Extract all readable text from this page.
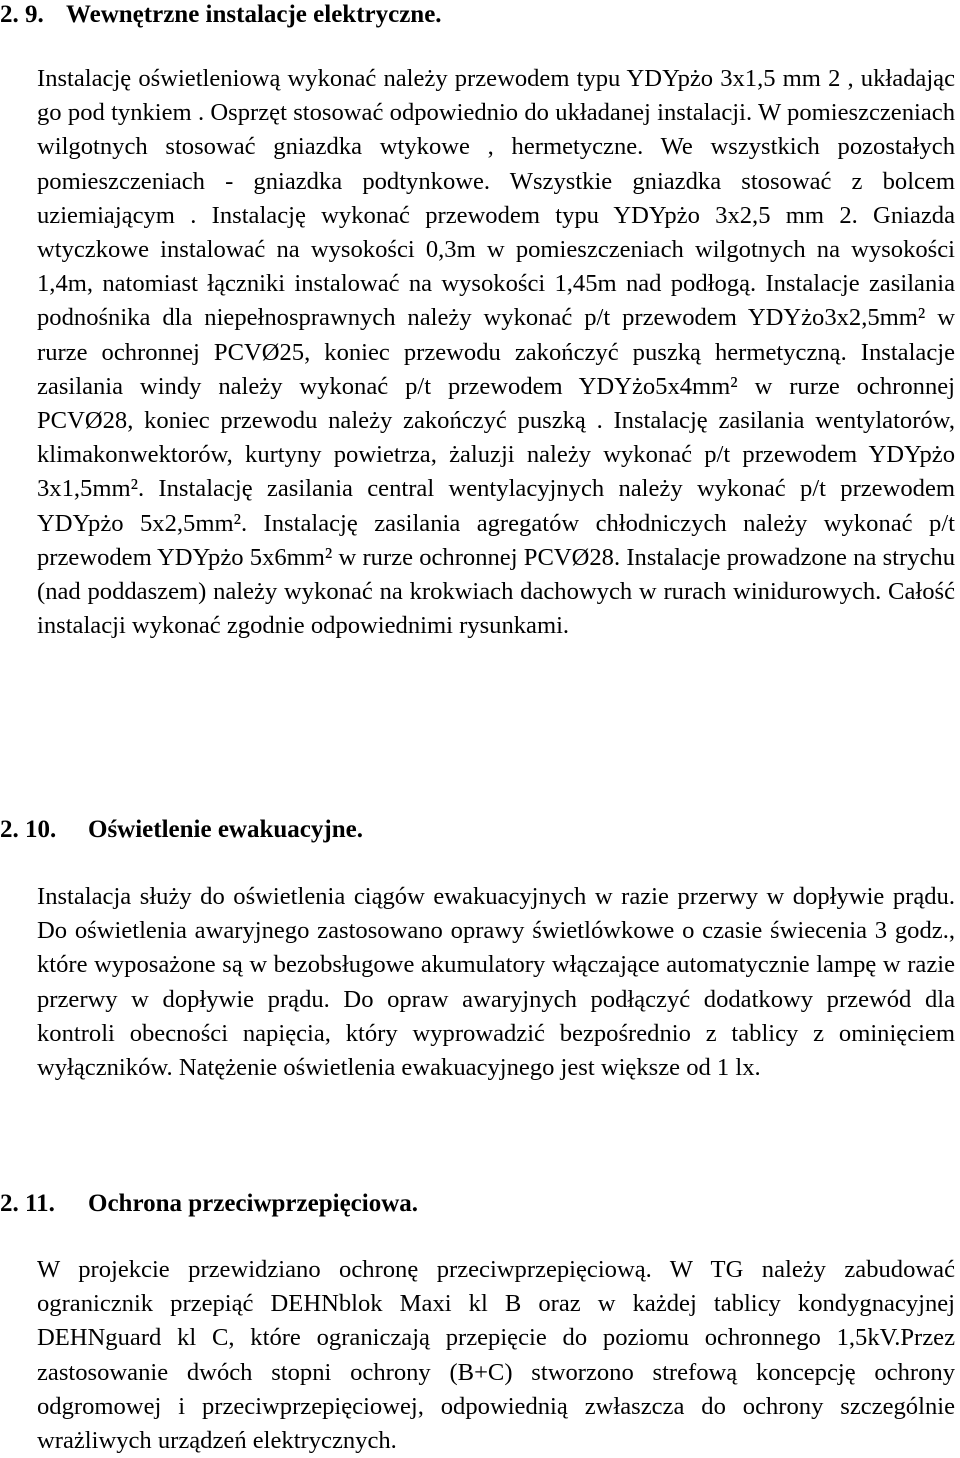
2. 9. Wewnętrzne instalacje elektryczne.
Instalację oświetleniową wykonać należy przewodem typu YDYpżo 3x1,5 mm 2 , układając go pod tynkiem . Osprzęt stosować odpowiednio do układanej instalacji. W pomieszczeniach wilgotnych stosować gniazdka wtykowe , hermetyczne. We wszystkich pozostałych pomieszczeniach - gniazdka podtynkowe. Wszystkie gniazdka stosować z bolcem uziemiającym . Instalację wykonać przewodem typu YDYpżo 3x2,5 mm 2. Gniazda wtyczkowe instalować na wysokości 0,3m w pomieszczeniach wilgotnych na wysokości 1,4m, natomiast łączniki instalować na wysokości 1,45m nad podłogą. Instalacje zasilania podnośnika dla niepełnosprawnych należy wykonać p/t przewodem YDYżo3x2,5mm² w rurze ochronnej PCVØ25, koniec przewodu zakończyć puszką hermetyczną. Instalacje zasilania windy należy wykonać p/t przewodem YDYżo5x4mm² w rurze ochronnej PCVØ28, koniec przewodu należy zakończyć puszką . Instalację zasilania wentylatorów, klimakonwektorów, kurtyny powietrza, żaluzji należy wykonać p/t przewodem YDYpżo 3x1,5mm². Instalację zasilania central wentylacyjnych należy wykonać p/t przewodem YDYpżo 5x2,5mm². Instalację zasilania agregatów chłodniczych należy wykonać p/t przewodem YDYpżo 5x6mm² w rurze ochronnej PCVØ28. Instalacje prowadzone na strychu (nad poddaszem) należy wykonać na krokwiach dachowych w rurach winidurowych. Całość instalacji wykonać zgodnie odpowiednimi rysunkami.
2. 10. Oświetlenie ewakuacyjne.
Instalacja służy do oświetlenia ciągów ewakuacyjnych w razie przerwy w dopływie prądu. Do oświetlenia awaryjnego zastosowano oprawy świetlówkowe o czasie świecenia 3 godz., które wyposażone są w bezobsługowe akumulatory włączające automatycznie lampę w razie przerwy w dopływie prądu. Do opraw awaryjnych podłączyć dodatkowy przewód dla kontroli obecności napięcia, który wyprowadzić bezpośrednio z tablicy z ominięciem wyłączników. Natężenie oświetlenia ewakuacyjnego jest większe od 1 lx.
2. 11. Ochrona przeciwprzepięciowa.
W projekcie przewidziano ochronę przeciwprzepięciową. W TG należy zabudować ogranicznik przepiąć DEHNblok Maxi kl B oraz w każdej tablicy kondygnacyjnej DEHNguard kl C, które ograniczają przepięcie do poziomu ochronnego 1,5kV.Przez zastosowanie dwóch stopni ochrony (B+C) stworzono strefową koncepcję ochrony odgromowej i przeciwprzepięciowej, odpowiednią zwłaszcza do ochrony szczególnie wrażliwych urządzeń elektrycznych.
